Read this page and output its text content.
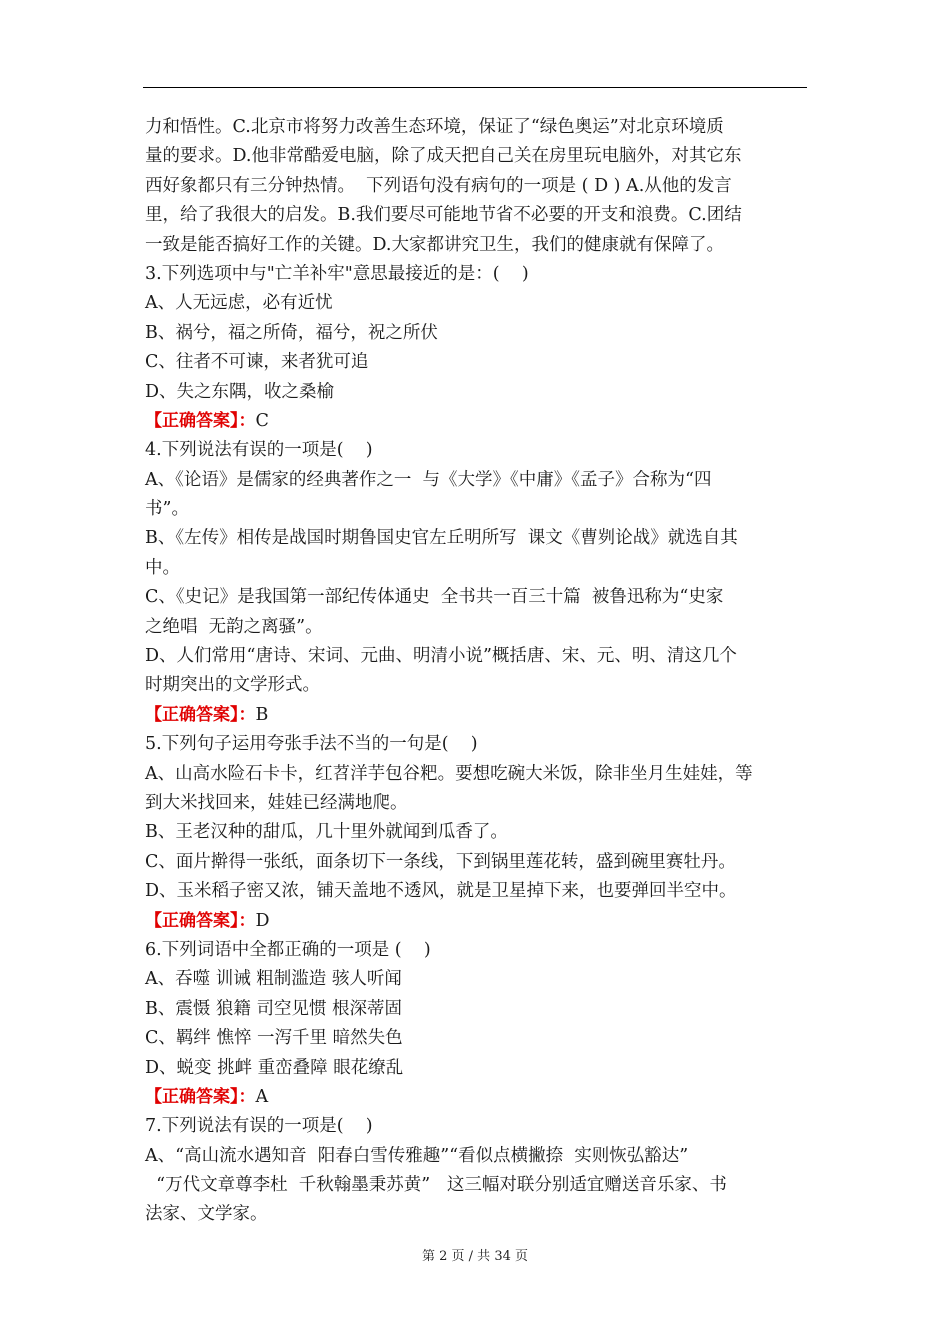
力和悟性。C.北京市将努力改善生态环境，保证了“绿色奥运”对北京环境质
量的要求。D.他非常酷爱电脑，除了成天把自己关在房里玩电脑外，对其它东
西好象都只有三分钟热情。  下列语句没有病句的一项是 ( D ) A.从他的发言
里，给了我很大的启发。B.我们要尽可能地节省不必要的开支和浪费。C.团结
一致是能否搞好工作的关键。D.大家都讲究卫生，我们的健康就有保障了。
3.下列选项中与"亡羊补牢"意思最接近的是：(    )
A、人无远虑，必有近忧
B、祸兮，福之所倚，福兮，祝之所伏
C、往者不可谏，来者犹可追
D、失之东隅，收之桑榆
【正确答案】：C
4.下列说法有误的一项是(    )
A、《论语》是儒家的经典著作之一  与《大学》《中庸》《孟子》合称为“四
书”。
B、《左传》相传是战国时期鲁国史官左丘明所写  课文《曹刿论战》就选自其
中。
C、《史记》是我国第一部纪传体通史  全书共一百三十篇  被鲁迅称为“史家
之绝唱  无韵之离骚”。
D、人们常用“唐诗、宋词、元曲、明清小说”概括唐、宋、元、明、清这几个
时期突出的文学形式。
【正确答案】：B
5.下列句子运用夸张手法不当的一句是(    )
A、山高水险石卡卡，红苕洋芋包谷粑。要想吃碗大米饭，除非坐月生娃娃，等
到大米找回来，娃娃已经满地爬。
B、王老汉种的甜瓜，几十里外就闻到瓜香了。
C、面片擀得一张纸，面条切下一条线，下到锅里莲花转，盛到碗里赛牡丹。
D、玉米稻子密又浓，铺天盖地不透风，就是卫星掉下来，也要弹回半空中。
【正确答案】：D
6.下列词语中全都正确的一项是 (    )
A、吞噬 训诫 粗制滥造 骇人听闻
B、震慑 狼籍 司空见惯 根深蒂固
C、羁绊 憔悴 一泻千里 暗然失色
D、蜕变 挑衅 重峦叠障 眼花缭乱
【正确答案】：A
7.下列说法有误的一项是(    )
A、“高山流水遇知音  阳春白雪传雅趣”“看似点横撇捺  实则恢弘豁达”
“万代文章尊李杜  千秋翰墨秉苏黄”   这三幅对联分别适宜赠送音乐家、书
法家、文学家。
第 2 页 / 共 34 页
